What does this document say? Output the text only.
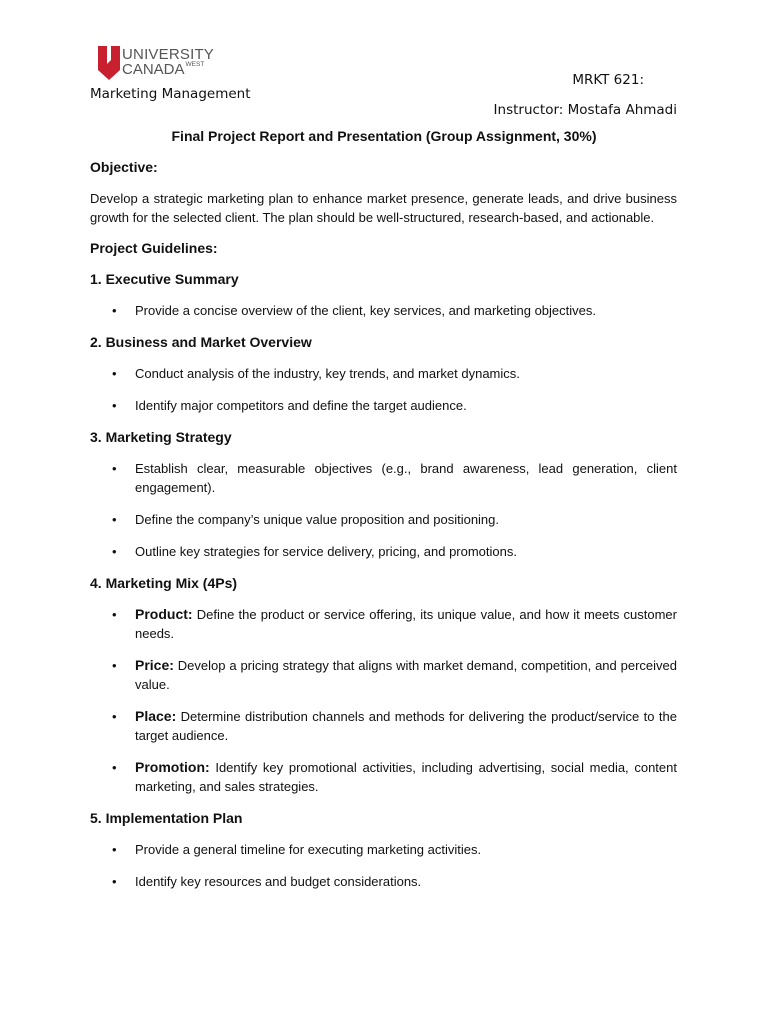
UNIVERSITY
$CANADA^{WEST}$
Marketing Management
MRKT 621:
Instructor: Mostafa Ahmadi
Final Project Report and Presentation (Group Assignment, 30%)
Objective:
Develop a strategic marketing plan to enhance market presence, generate leads, and drive business growth for the selected client. The plan should be well-structured, research-based, and actionable.
Project Guidelines:
1. Executive Summary
• Provide a concise overview of the client, key services, and marketing objectives.
2. Business and Market Overview
• Conduct analysis of the industry, key trends, and market dynamics.
• Identify major competitors and define the target audience.
3. Marketing Strategy
• Establish clear, measurable objectives (e.g., brand awareness, lead generation, client engagement).
• Define the company’s unique value proposition and positioning.
• Outline key strategies for service delivery, pricing, and promotions.
4. Marketing Mix (4Ps)
• Product: Define the product or service offering, its unique value, and how it meets customer needs.
• Price: Develop a pricing strategy that aligns with market demand, competition, and perceived value.
• Place: Determine distribution channels and methods for delivering the product/service to the target audience.
• Promotion: Identify key promotional activities, including advertising, social media, content marketing, and sales strategies.
5. Implementation Plan
• Provide a general timeline for executing marketing activities.
• Identify key resources and budget considerations.
